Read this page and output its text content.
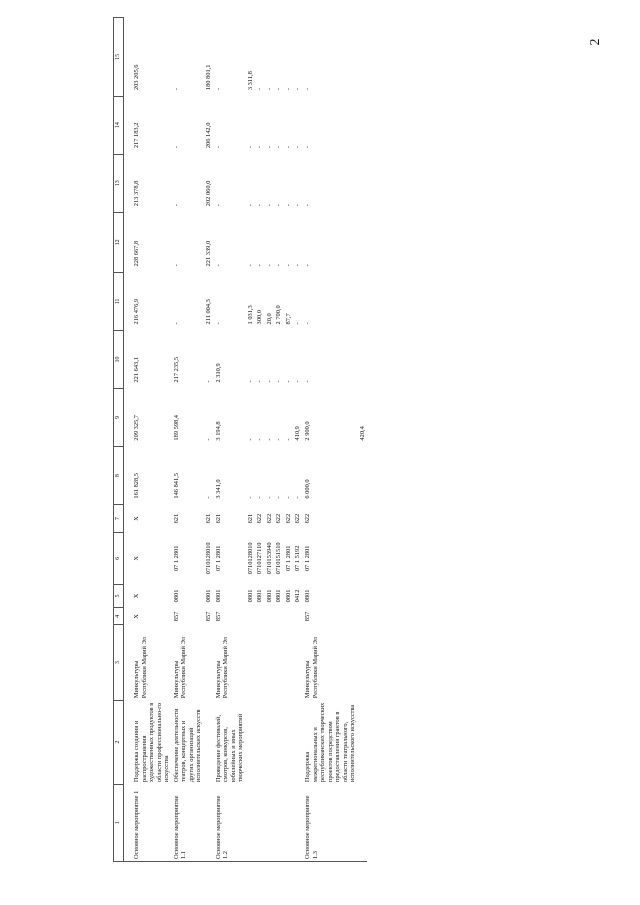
2
1	2	3	4	5	6	7	8	9	10	11	12	13	14	15

Основное мероприятие 1	Поддержка создания и распространения художественных продуктов в области профессионально-го искусства	Минкультуры Республики Марий Эл	X	X	X	X	161 828,5	209 325,7	221 643,1	216 476,9	228 667,8	213 378,8	217 183,2	203 205,6
Основное мероприятие 1.1	Обеспечение деятельности театров, концертных и других организаций исполнительских искусств	Минкультуры Республики Марий Эл	857	0801	07 1 2801	621	146 841,5	189 598,4	217 235,5	-	-	-	-	-
			857	0801	0710128010	621	-	-	-	211 004,3	221 339,0	202 060,0	206 142,0	180 801,1
Основное мероприятие 1.2	Проведение фестивалей, смотров, конкурсов, юбилейных и иных творческих мероприятий	Минкультуры Республики Марий Эл	857	0801	07 1 2801	621	3 341,0	3 194,8	2 310,9	-	-	-	-	-
				0801	0710128010	621	-	-	-	1 031,3	-	-	-	3 311,8
				0801	0710127110	622	-	-	-	300,0	-	-	-	-
				0801	0710153940	622	-	-	-	20,0	-	-	-	-
				0801	0710151510	622	-	-	-	2 700,0	-	-	-	-
				0801	07 1 2801	622	-	-	-	87,7	-	-	-	-
				0412	07 1 5192	622	-	410,9	-	-	-	-	-	-
Основное мероприятие 1.3	Поддержка межрегиональных и республиканских творческих проектов посредством предоставления грантов в области театрального, исполнительского искусства	Минкультуры Республики Марий Эл	857	0801	07 1 2801	622	6 000,0	2 900,0	-	-	-	-	-	-
								420,4						
